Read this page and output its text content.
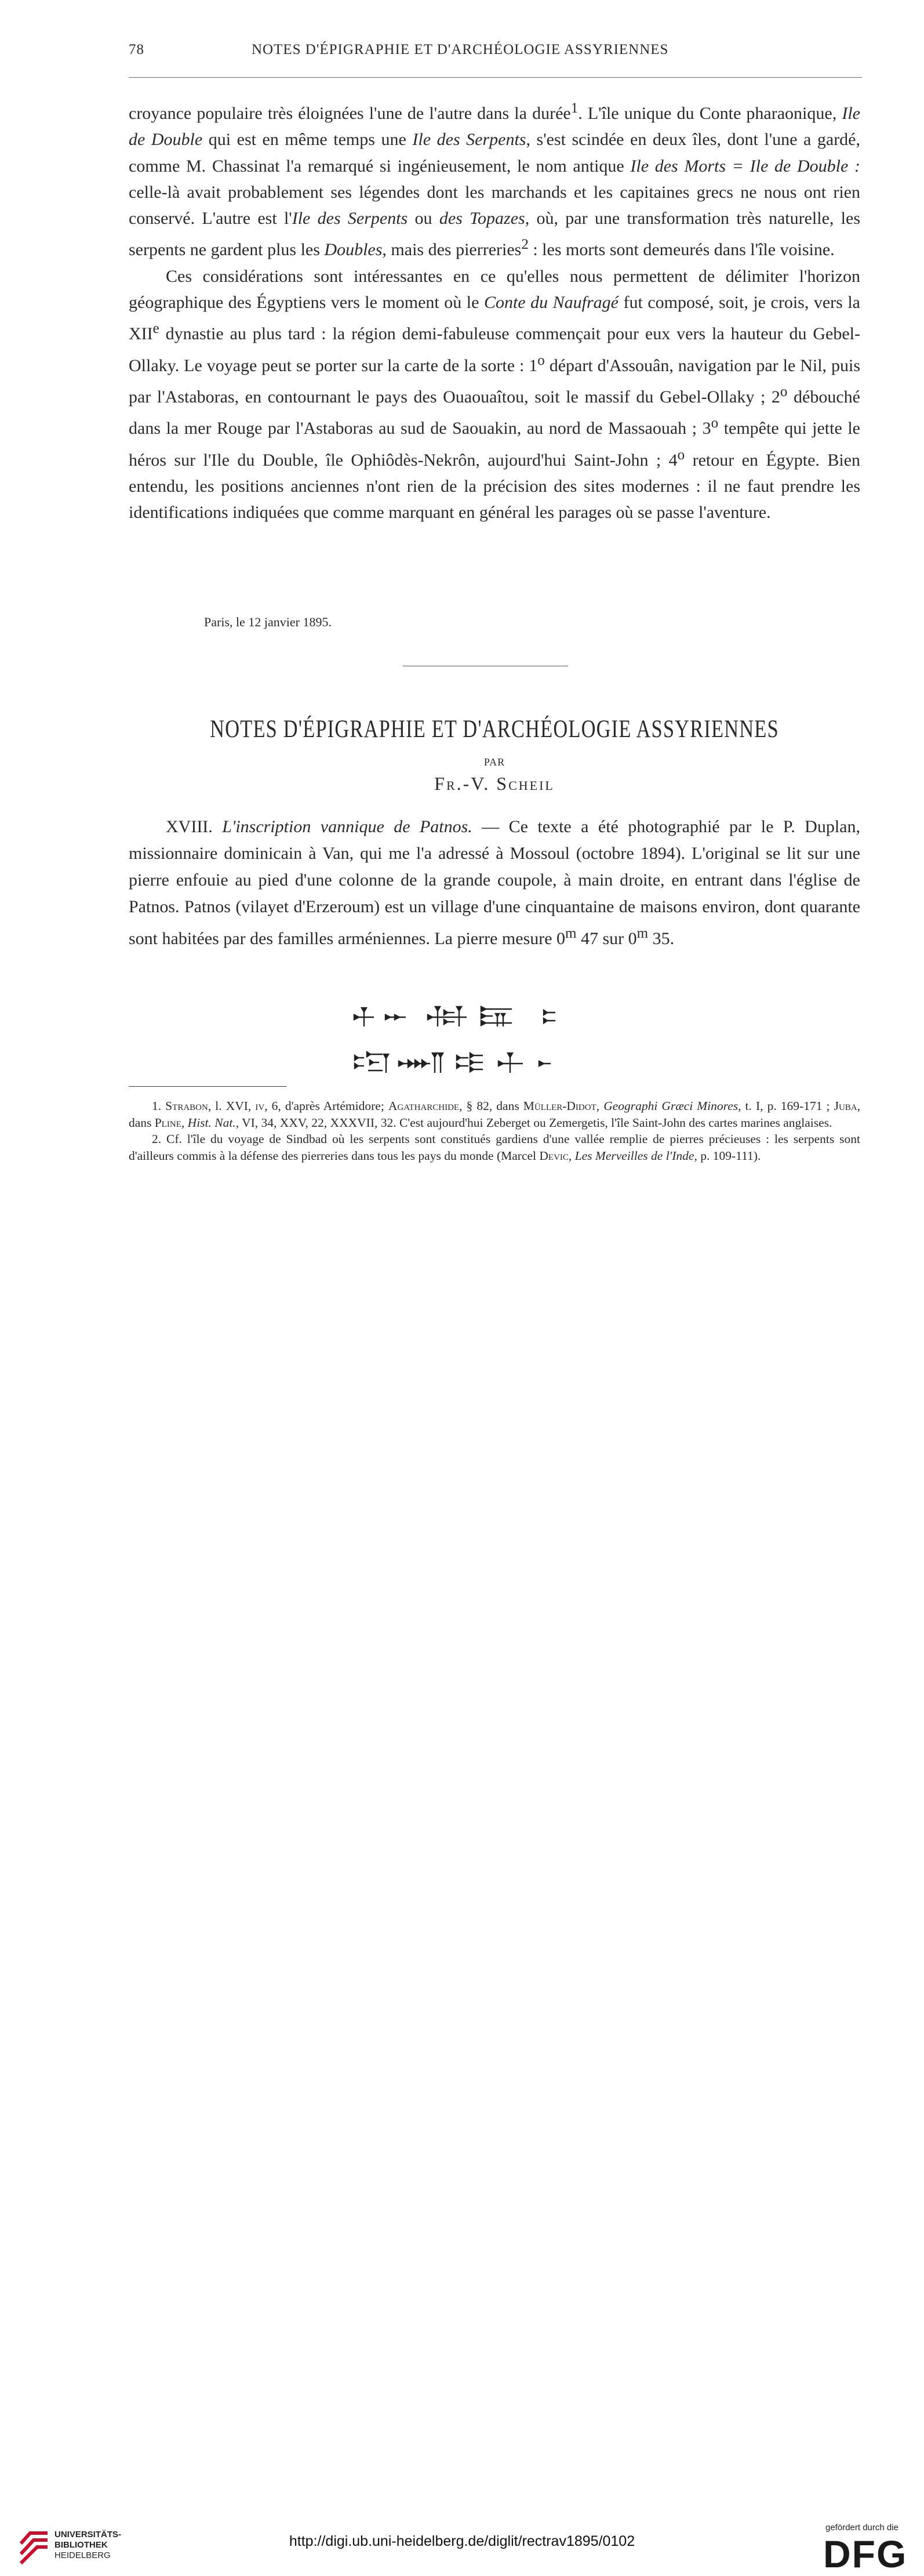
78	NOTES D'ÉPIGRAPHIE ET D'ARCHÉOLOGIE ASSYRIENNES

croyance populaire très éloignées l'une de l'autre dans la durée$^1$. L'île unique du Conte pharaonique, Ile de Double qui est en même temps une Ile des Serpents, s'est scindée en deux îles, dont l'une a gardé, comme M. Chassinat l'a remarqué si ingénieusement, le nom antique Ile des Morts = Ile de Double : celle-là avait probablement ses légendes dont les marchands et les capitaines grecs ne nous ont rien conservé. L'autre est l'Ile des Serpents ou des Topazes, où, par une transformation très naturelle, les serpents ne gardent plus les Doubles, mais des pierreries$^2$ : les morts sont demeurés dans l'île voisine.

Ces considérations sont intéressantes en ce qu'elles nous permettent de délimiter l'horizon géographique des Égyptiens vers le moment où le Conte du Naufragé fut composé, soit, je crois, vers la XIIe dynastie au plus tard : la région demi-fabuleuse commençait pour eux vers la hauteur du Gebel-Ollaky. Le voyage peut se porter sur la carte de la sorte : 1$^o$ départ d'Assouân, navigation par le Nil, puis par l'Astaboras, en contournant le pays des Ouaouaîtou, soit le massif du Gebel-Ollaky ; 2$^o$ débouché dans la mer Rouge par l'Astaboras au sud de Saouakin, au nord de Massaouah ; 3$^o$ tempête qui jette le héros sur l'Ile du Double, île Ophiôdès-Nekrôn, aujourd'hui Saint-John ; 4$^o$ retour en Égypte. Bien entendu, les positions anciennes n'ont rien de la précision des sites modernes : il ne faut prendre les identifications indiquées que comme marquant en général les parages où se passe l'aventure.

Paris, le 12 janvier 1895.
NOTES D'ÉPIGRAPHIE ET D'ARCHÉOLOGIE ASSYRIENNES
PAR
Fr.-V. Scheil

XVIII. L'inscription vannique de Patnos. — Ce texte a été photographié par le P. Duplan, missionnaire dominicain à Van, qui me l'a adressé à Mossoul (octobre 1894). L'original se lit sur une pierre enfouie au pied d'une colonne de la grande coupole, à main droite, en entrant dans l'église de Patnos. Patnos (vilayet d'Erzeroum) est un village d'une cinquantaine de maisons environ, dont quarante sont habitées par des familles arméniennes. La pierre mesure 0$^m$ 47 sur 0$^m$ 35.

1. Strabon, l. XVI, iv, 6, d'après Artémidore; Agatharchide, § 82, dans Müller-Didot, Geographi Græci Minores, t. I, p. 169-171 ; Juba, dans Pline, Hist. Nat., VI, 34, XXV, 22, XXXVII, 32. C'est aujourd'hui Zeberget ou Zemergetis, l'île Saint-John des cartes marines anglaises.

2. Cf. l'île du voyage de Sindbad où les serpents sont constitués gardiens d'une vallée remplie de pierres précieuses : les serpents sont d'ailleurs commis à la défense des pierreries dans tous les pays du monde (Marcel Devic, Les Merveilles de l'Inde, p. 109-111).

UNIVERSITÄTS-
BIBLIOTHEK
HEIDELBERG
http://digi.ub.uni-heidelberg.de/diglit/rectrav1895/0102
gefördert durch die
DFG
